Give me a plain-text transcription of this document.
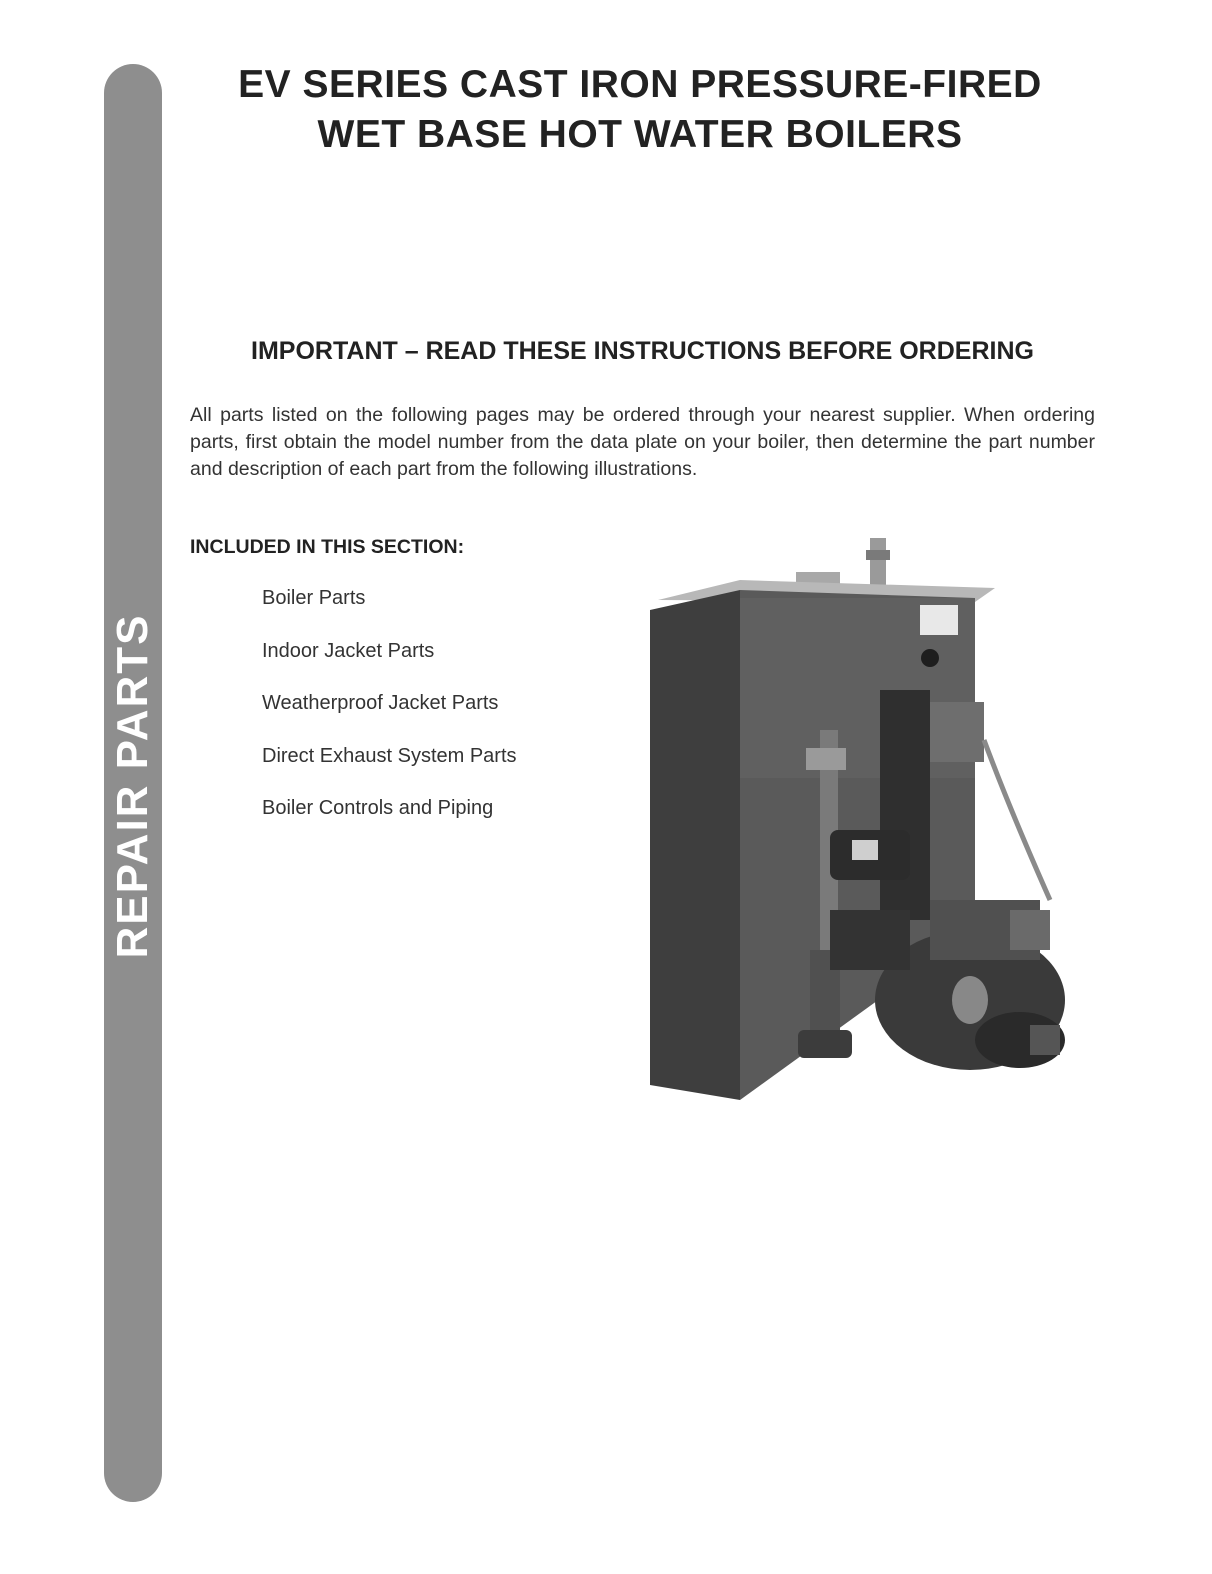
REPAIR PARTS
EV SERIES CAST IRON PRESSURE-FIRED
WET BASE HOT WATER BOILERS
IMPORTANT – READ THESE INSTRUCTIONS BEFORE ORDERING

All parts listed on the following pages may be ordered through your nearest supplier. When ordering parts, first obtain the model number from the data plate on your boiler, then determine the part number and description of each part from the following illustrations.

INCLUDED IN THIS SECTION:
Boiler Parts
Indoor Jacket Parts
Weatherproof Jacket Parts
Direct Exhaust System Parts
Boiler Controls and Piping
